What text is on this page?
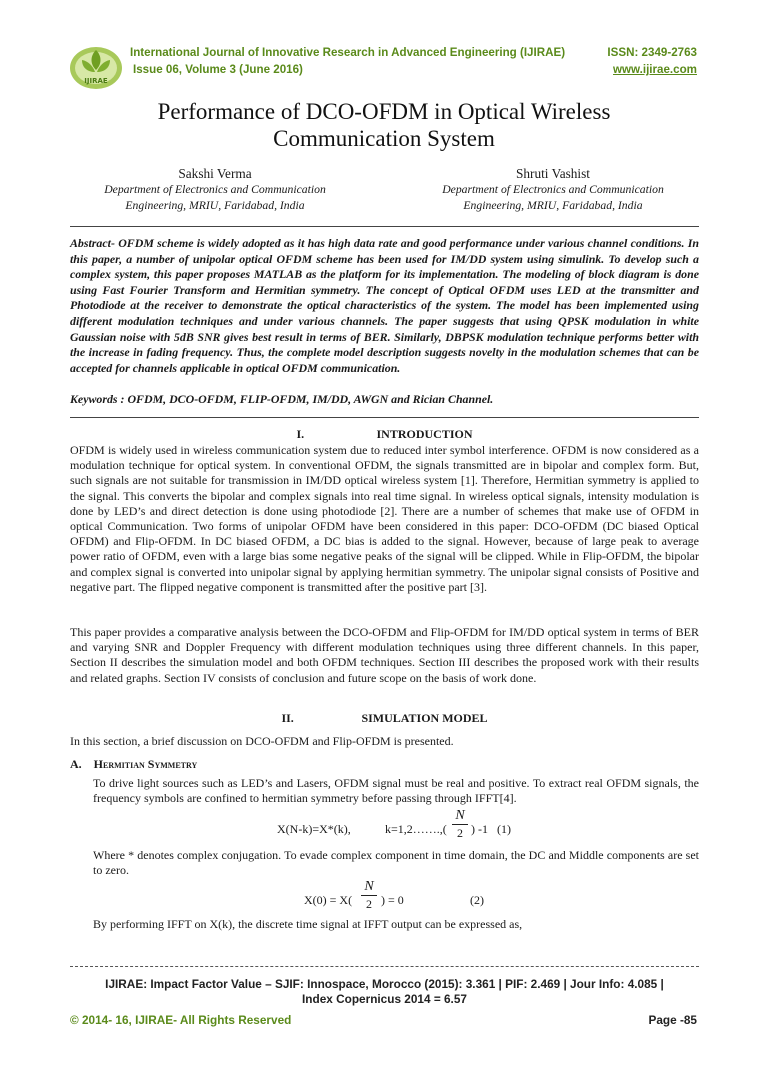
IJIRAE
International Journal of Innovative Research in Advanced Engineering (IJIRAE)
Issue 06, Volume 3 (June 2016)
ISSN: 2349-2763
www.ijirae.com
Performance of DCO-OFDM in Optical Wireless Communication System
Sakshi Verma
Department of Electronics and Communication
Engineering, MRIU, Faridabad, India
Shruti Vashist
Department of Electronics and Communication
Engineering, MRIU, Faridabad, India
Abstract- OFDM scheme is widely adopted as it has high data rate and good performance under various channel conditions. In this paper, a number of unipolar optical OFDM scheme has been used for IM/DD system using simulink. To develop such a complex system, this paper proposes MATLAB as the platform for its implementation. The modeling of block diagram is done using Fast Fourier Transform and Hermitian symmetry. The concept of Optical OFDM uses LED at the transmitter and Photodiode at the receiver to demonstrate the optical characteristics of the system. The model has been implemented using different modulation techniques and under various channels. The paper suggests that using QPSK modulation in white Gaussian noise with 5dB SNR gives best result in terms of BER. Similarly, DBPSK modulation technique performs better with the increase in fading frequency. Thus, the complete model description suggests novelty in the modulation schemes that can be accepted for channels applicable in optical OFDM communication.
Keywords : OFDM, DCO-OFDM, FLIP-OFDM, IM/DD, AWGN and Rician Channel.
I.	INTRODUCTION
OFDM is widely used in wireless communication system due to reduced inter symbol interference. OFDM is now considered as a modulation technique for optical system. In conventional OFDM, the signals transmitted are in bipolar and complex form. But, such signals are not suitable for transmission in IM/DD optical wireless system [1]. Therefore, Hermitian symmetry is applied to the signal. This converts the bipolar and complex signals into real time signal. In wireless optical signals, intensity modulation is done by LED’s and direct detection is done using photodiode [2]. There are a number of schemes that make use of OFDM in optical Communication. Two forms of unipolar OFDM have been considered in this paper: DCO-OFDM (DC biased Optical OFDM) and Flip-OFDM. In DC biased OFDM, a DC bias is added to the signal. However, because of large peak to average power ratio of OFDM, even with a large bias some negative peaks of the signal will be clipped. While in Flip-OFDM, the bipolar and complex signal is converted into unipolar signal by applying hermitian symmetry. The unipolar signal consists of Positive and negative part. The flipped negative component is transmitted after the positive part [3].
This paper provides a comparative analysis between the DCO-OFDM and Flip-OFDM for IM/DD optical system in terms of BER and varying SNR and Doppler Frequency with different modulation techniques using three different channels. In this paper, Section II describes the simulation model and both OFDM techniques. Section III describes the proposed work with their results and related graphs. Section IV consists of conclusion and future scope on the basis of work done.
II.	SIMULATION MODEL
In this section, a brief discussion on DCO-OFDM and Flip-OFDM is presented.
A. Hermitian Symmetry
To drive light sources such as LED’s and Lasers, OFDM signal must be real and positive. To extract real OFDM signals, the frequency symbols are confined to hermitian symmetry before passing through IFFT[4].
X(N-k)=X*(k),	k=1,2…….,(
N
2 ) -1 (1)
Where * denotes complex conjugation. To evade complex component in time domain, the DC and Middle components are set to zero.
X(0) = X(
N
2 ) = 0	(2)
By performing IFFT on X(k), the discrete time signal at IFFT output can be expressed as,
IJIRAE: Impact Factor Value – SJIF: Innospace, Morocco (2015): 3.361 | PIF: 2.469 | Jour Info: 4.085 |
Index Copernicus 2014 = 6.57
© 2014- 16, IJIRAE- All Rights Reserved	Page -85
